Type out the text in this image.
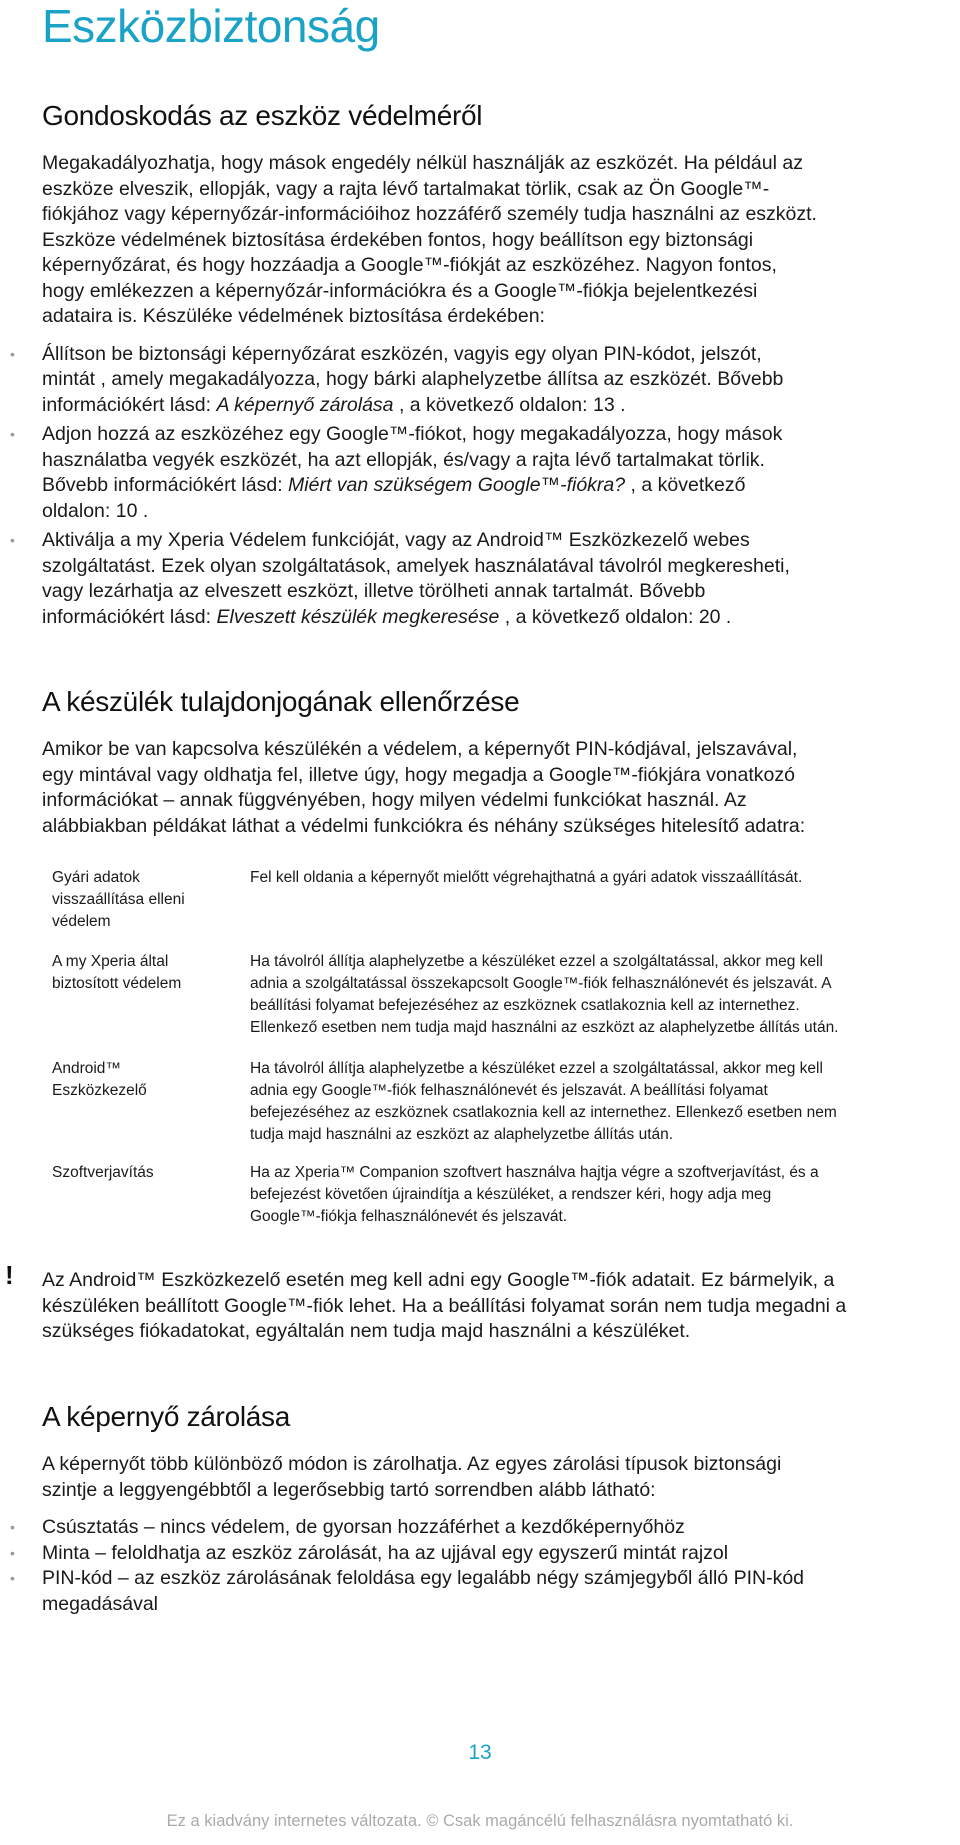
Eszközbiztonság
Gondoskodás az eszköz védelméről

Megakadályozhatja, hogy mások engedély nélkül használják az eszközét. Ha például az
eszköze elveszik, ellopják, vagy a rajta lévő tartalmakat törlik, csak az Ön Google™-
fiókjához vagy képernyőzár-információihoz hozzáférő személy tudja használni az eszközt.
Eszköze védelmének biztosítása érdekében fontos, hogy beállítson egy biztonsági
képernyőzárat, és hogy hozzáadja a Google™-fiókját az eszközéhez. Nagyon fontos,
hogy emlékezzen a képernyőzár-információkra és a Google™-fiókja bejelentkezési
adataira is. Készüléke védelmének biztosítása érdekében:

• Állítson be biztonsági képernyőzárat eszközén, vagyis egy olyan PIN-kódot, jelszót,
mintát , amely megakadályozza, hogy bárki alaphelyzetbe állítsa az eszközét. Bővebb
információkért lásd: A képernyő zárolása , a következő oldalon: 13 .
• Adjon hozzá az eszközéhez egy Google™-fiókot, hogy megakadályozza, hogy mások
használatba vegyék eszközét, ha azt ellopják, és/vagy a rajta lévő tartalmakat törlik.
Bővebb információkért lásd: Miért van szükségem Google™-fiókra? , a következő
oldalon: 10 .
• Aktiválja a my Xperia Védelem funkcióját, vagy az Android™ Eszközkezelő webes
szolgáltatást. Ezek olyan szolgáltatások, amelyek használatával távolról megkeresheti,
vagy lezárhatja az elveszett eszközt, illetve törölheti annak tartalmát. Bővebb
információkért lásd: Elveszett készülék megkeresése , a következő oldalon: 20 .
A készülék tulajdonjogának ellenőrzése

Amikor be van kapcsolva készülékén a védelem, a képernyőt PIN-kódjával, jelszavával,
egy mintával vagy oldhatja fel, illetve úgy, hogy megadja a Google™-fiókjára vonatkozó
információkat – annak függvényében, hogy milyen védelmi funkciókat használ. Az
alábbiakban példákat láthat a védelmi funkciókra és néhány szükséges hitelesítő adatra:

Gyári adatok
visszaállítása elleni
védelem
Fel kell oldania a képernyőt mielőtt végrehajthatná a gyári adatok visszaállítását.
A my Xperia által
biztosított védelem
Ha távolról állítja alaphelyzetbe a készüléket ezzel a szolgáltatással, akkor meg kell
adnia a szolgáltatással összekapcsolt Google™-fiók felhasználónevét és jelszavát. A
beállítási folyamat befejezéséhez az eszköznek csatlakoznia kell az internethez.
Ellenkező esetben nem tudja majd használni az eszközt az alaphelyzetbe állítás után.
Android™
Eszközkezelő
Ha távolról állítja alaphelyzetbe a készüléket ezzel a szolgáltatással, akkor meg kell
adnia egy Google™-fiók felhasználónevét és jelszavát. A beállítási folyamat
befejezéséhez az eszköznek csatlakoznia kell az internethez. Ellenkező esetben nem
tudja majd használni az eszközt az alaphelyzetbe állítás után.
Szoftverjavítás	Ha az Xperia™ Companion szoftvert használva hajtja végre a szoftverjavítást, és a
befejezést követően újraindítja a készüléket, a rendszer kéri, hogy adja meg
Google™-fiókja felhasználónevét és jelszavát.
! Az Android™ Eszközkezelő esetén meg kell adni egy Google™-fiók adatait. Ez bármelyik, a
készüléken beállított Google™-fiók lehet. Ha a beállítási folyamat során nem tudja megadni a
szükséges fiókadatokat, egyáltalán nem tudja majd használni a készüléket.

A képernyő zárolása

A képernyőt több különböző módon is zárolhatja. Az egyes zárolási típusok biztonsági
szintje a leggyengébbtől a legerősebbig tartó sorrendben alább látható:

• Csúsztatás – nincs védelem, de gyorsan hozzáférhet a kezdőképernyőhöz
• Minta – feloldhatja az eszköz zárolását, ha az ujjával egy egyszerű mintát rajzol
• PIN-kód – az eszköz zárolásának feloldása egy legalább négy számjegyből álló PIN-kód
megadásával
13
Ez a kiadvány internetes változata. © Csak magáncélú felhasználásra nyomtatható ki.
